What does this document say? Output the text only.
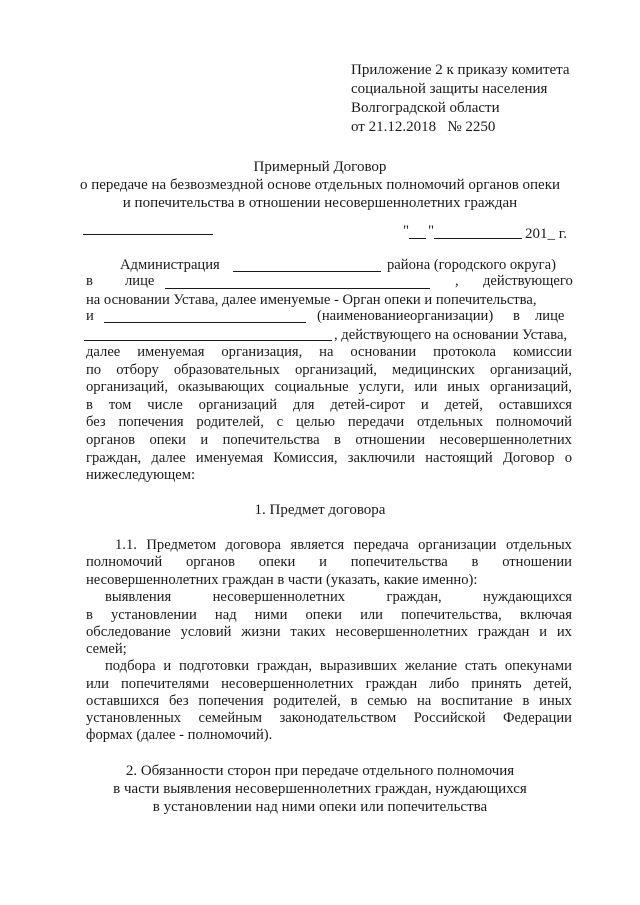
Приложение 2 к приказу комитета
социальной защиты населения
Волгоградской области
от 21.12.2018   № 2250
Примерный Договор
о передаче на безвозмездной основе отдельных полномочий органов опеки
и попечительства в отношении несовершеннолетних граждан
" "	201_ г.
Администрация	района (городского округа)
в лице	, действующего
на основании Устава, далее именуемые - Орган опеки и попечительства,
и	(наименование организации) в лице
, действующего на основании Устава,
далее именуемая организация, на основании протокола комиссии
по отбору образовательных организаций, медицинских организаций,
организаций, оказывающих социальные услуги, или иных организаций,
в том числе организаций для детей-сирот и детей, оставшихся
без попечения родителей, с целью передачи отдельных полномочий
органов опеки и попечительства в отношении несовершеннолетних
граждан, далее именуемая Комиссия, заключили настоящий Договор о
нижеследующем:
1. Предмет договора
1.1. Предметом договора является передача организации отдельных
полномочий органов опеки и попечительства в отношении
несовершеннолетних граждан в части (указать, какие именно):
выявления	несовершеннолетних	граждан,	нуждающихся
в установлении над ними опеки или попечительства, включая
обследование условий жизни таких несовершеннолетних граждан и их
семей;
подбора и подготовки граждан, выразивших желание стать опекунами
или попечителями несовершеннолетних граждан либо принять детей,
оставшихся без попечения родителей, в семью на воспитание в иных
установленных семейным законодательством Российской Федерации
формах (далее - полномочий).
2. Обязанности сторон при передаче отдельного полномочия
в части выявления несовершеннолетних граждан, нуждающихся
в установлении над ними опеки или попечительства
